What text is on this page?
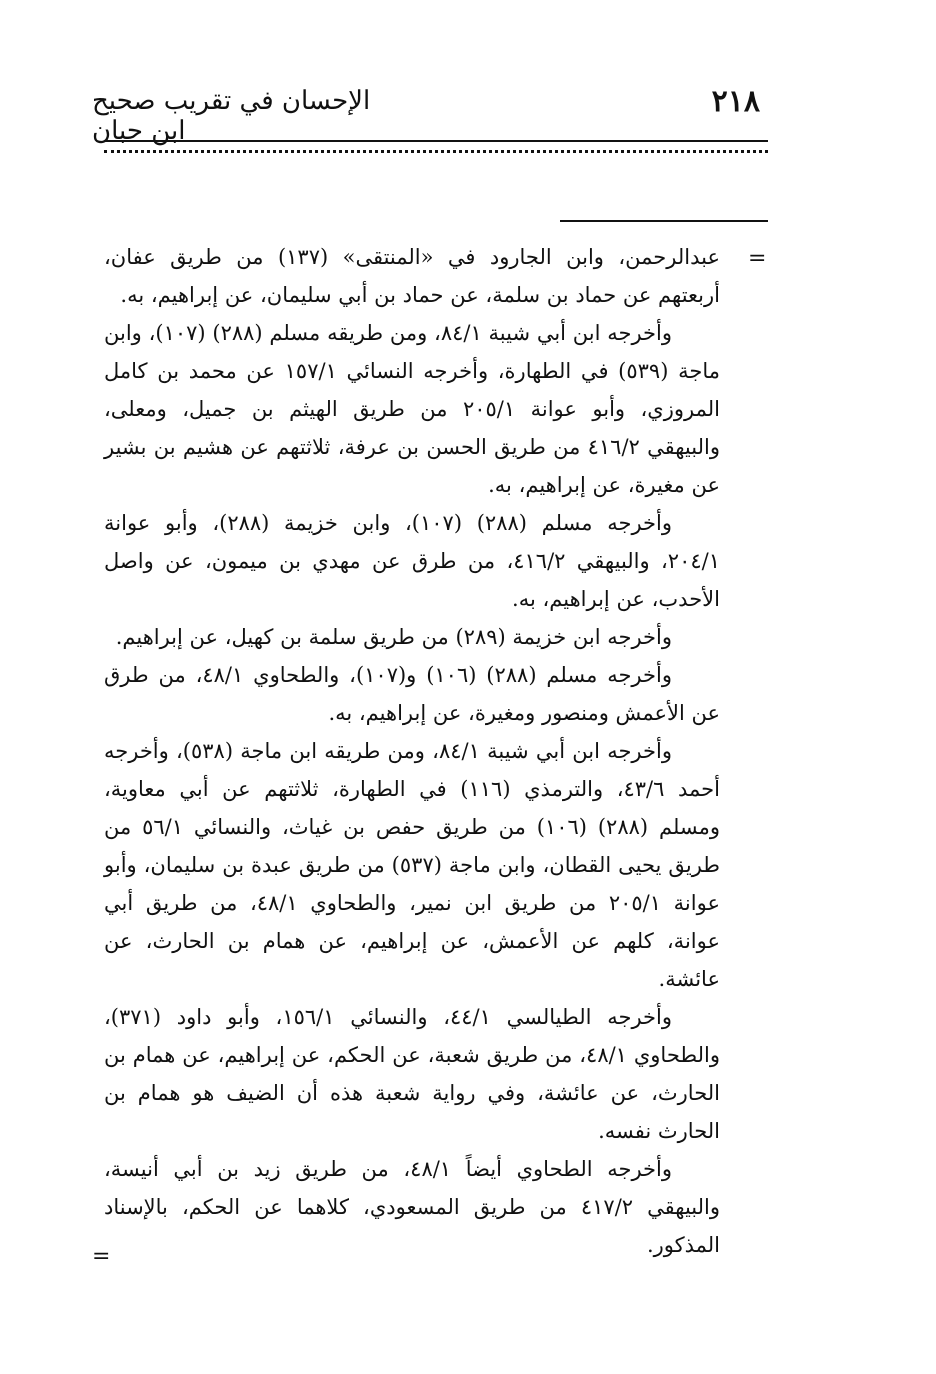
٢١٨
الإحسان في تقريب صحيح ابن حبان
=

عبدالرحمن، وابن الجارود في «المنتقى» (١٣٧) من طريق عفان، أربعتهم عن حماد بن سلمة، عن حماد بن أبي سليمان، عن إبراهيم، به.

وأخرجه ابن أبي شيبة ٨٤/١، ومن طريقه مسلم (٢٨٨) (١٠٧)، وابن ماجة (٥٣٩) في الطهارة، وأخرجه النسائي ١٥٧/١ عن محمد بن كامل المروزي، وأبو عوانة ٢٠٥/١ من طريق الهيثم بن جميل، ومعلى، والبيهقي ٤١٦/٢ من طريق الحسن بن عرفة، ثلاثتهم عن هشيم بن بشير عن مغيرة، عن إبراهيم، به.

وأخرجه مسلم (٢٨٨) (١٠٧)، وابن خزيمة (٢٨٨)، وأبو عوانة ٢٠٤/١، والبيهقي ٤١٦/٢، من طرق عن مهدي بن ميمون، عن واصل الأحدب، عن إبراهيم، به.

وأخرجه ابن خزيمة (٢٨٩) من طريق سلمة بن كهيل، عن إبراهيم.

وأخرجه مسلم (٢٨٨) (١٠٦) و(١٠٧)، والطحاوي ٤٨/١، من طرق عن الأعمش ومنصور ومغيرة، عن إبراهيم، به.

وأخرجه ابن أبي شيبة ٨٤/١، ومن طريقه ابن ماجة (٥٣٨)، وأخرجه أحمد ٤٣/٦، والترمذي (١١٦) في الطهارة، ثلاثتهم عن أبي معاوية، ومسلم (٢٨٨) (١٠٦) من طريق حفص بن غياث، والنسائي ٥٦/١ من طريق يحيى القطان، وابن ماجة (٥٣٧) من طريق عبدة بن سليمان، وأبو عوانة ٢٠٥/١ من طريق ابن نمير، والطحاوي ٤٨/١، من طريق أبي عوانة، كلهم عن الأعمش، عن إبراهيم، عن همام بن الحارث، عن عائشة.

وأخرجه الطيالسي ٤٤/١، والنسائي ١٥٦/١، وأبو داود (٣٧١)، والطحاوي ٤٨/١، من طريق شعبة، عن الحكم، عن إبراهيم، عن همام بن الحارث، عن عائشة، وفي رواية شعبة هذه أن الضيف هو همام بن الحارث نفسه.

وأخرجه الطحاوي أيضاً ٤٨/١، من طريق زيد بن أبي أنيسة، والبيهقي ٤١٧/٢ من طريق المسعودي، كلاهما عن الحكم، بالإسناد المذكور.

=
